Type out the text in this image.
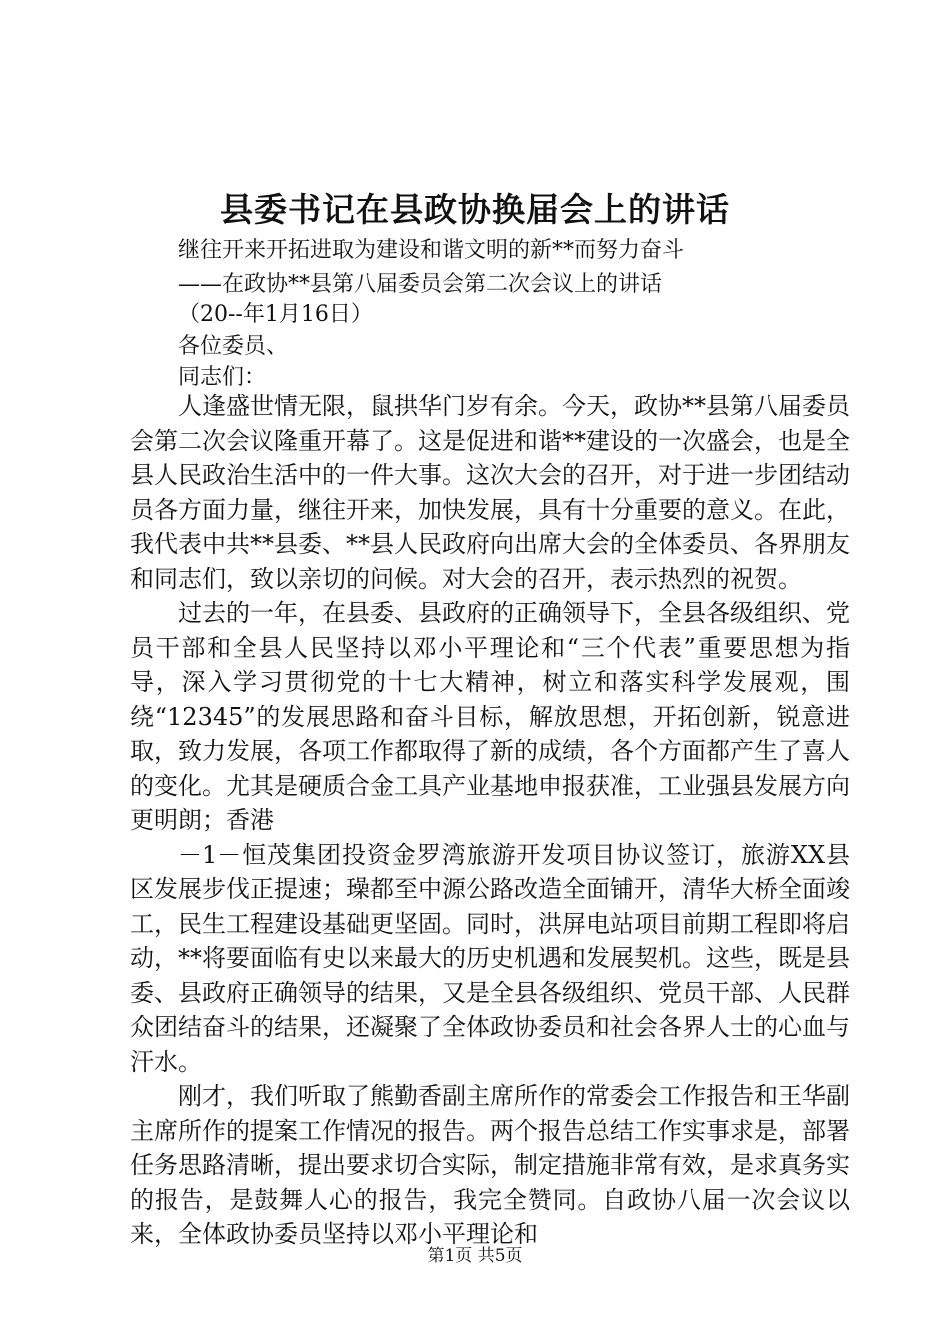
县委书记在县政协换届会上的讲话

继往开来开拓进取为建设和谐文明的新**而努力奋斗

——在政协**县第八届委员会第二次会议上的讲话

（20--年1月16日）

各位委员、

同志们：

人逢盛世情无限，鼠拱华门岁有余。今天，政协**县第八届委员会第二次会议隆重开幕了。这是促进和谐**建设的一次盛会，也是全县人民政治生活中的一件大事。这次大会的召开，对于进一步团结动员各方面力量，继往开来，加快发展，具有十分重要的意义。在此，我代表中共**县委、**县人民政府向出席大会的全体委员、各界朋友和同志们，致以亲切的问候。对大会的召开，表示热烈的祝贺。

过去的一年，在县委、县政府的正确领导下，全县各级组织、党员干部和全县人民坚持以邓小平理论和“三个代表”重要思想为指导，深入学习贯彻党的十七大精神，树立和落实科学发展观，围绕“12345”的发展思路和奋斗目标，解放思想，开拓创新，锐意进取，致力发展，各项工作都取得了新的成绩，各个方面都产生了喜人的变化。尤其是硬质合金工具产业基地申报获准，工业强县发展方向更明朗；香港

－1－恒茂集团投资金罗湾旅游开发项目协议签订，旅游XX县区发展步伐正提速；璪都至中源公路改造全面铺开，清华大桥全面竣工，民生工程建设基础更坚固。同时，洪屏电站项目前期工程即将启动，**将要面临有史以来最大的历史机遇和发展契机。这些，既是县委、县政府正确领导的结果，又是全县各级组织、党员干部、人民群众团结奋斗的结果，还凝聚了全体政协委员和社会各界人士的心血与汗水。

刚才，我们听取了熊勤香副主席所作的常委会工作报告和王华副主席所作的提案工作情况的报告。两个报告总结工作实事求是，部署任务思路清晰，提出要求切合实际，制定措施非常有效，是求真务实的报告，是鼓舞人心的报告，我完全赞同。自政协八届一次会议以来，全体政协委员坚持以邓小平理论和

第1页 共5页
